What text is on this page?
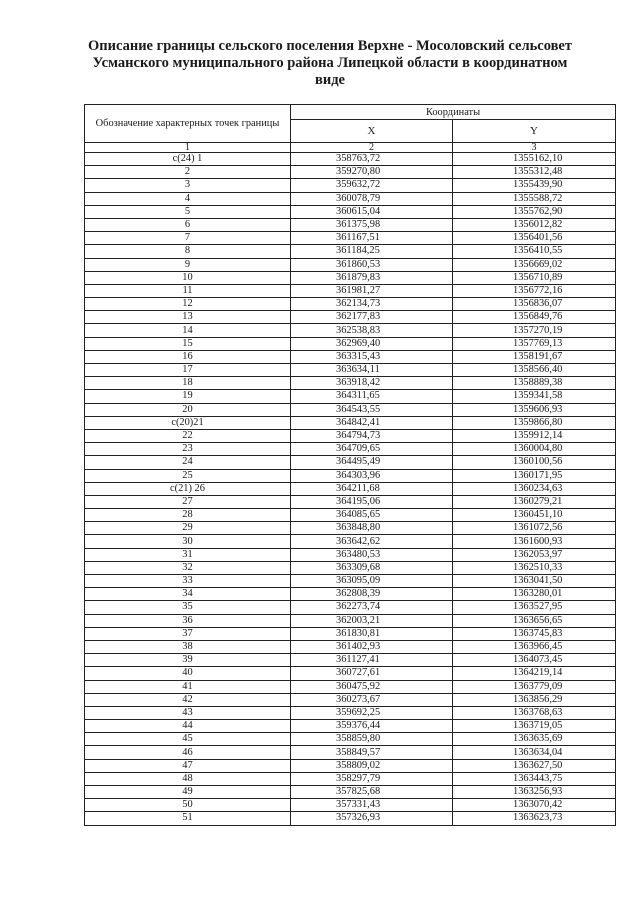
Описание границы сельского поселения Верхне - Мосоловский сельсовет
Усманского муниципального района Липецкой области в координатном
виде
Обозначение характерных точек границы	Координаты	
	X	Y
1	2	3
с(24) 1	358763,72	1355162,10
2	359270,80	1355312,48
3	359632,72	1355439,90
4	360078,79	1355588,72
5	360615,04	1355762,90
6	361375,98	1356012,82
7	361167,51	1356401,56
8	361184,25	1356410,55
9	361860,53	1356669,02
10	361879,83	1356710,89
11	361981,27	1356772,16
12	362134,73	1356836,07
13	362177,83	1356849,76
14	362538,83	1357270,19
15	362969,40	1357769,13
16	363315,43	1358191,67
17	363634,11	1358566,40
18	363918,42	1358889,38
19	364311,65	1359341,58
20	364543,55	1359606,93
с(20)21	364842,41	1359866,80
22	364794,73	1359912,14
23	364709,65	1360004,80
24	364495,49	1360100,56
25	364303,96	1360171,95
с(21) 26	364211,68	1360234,63
27	364195,06	1360279,21
28	364085,65	1360451,10
29	363848,80	1361072,56
30	363642,62	1361600,93
31	363480,53	1362053,97
32	363309,68	1362510,33
33	363095,09	1363041,50
34	362808,39	1363280,01
35	362273,74	1363527,95
36	362003,21	1363656,65
37	361830,81	1363745,83
38	361402,93	1363966,45
39	361127,41	1364073,45
40	360727,61	1364219,14
41	360475,92	1363779,09
42	360273,67	1363856,29
43	359692,25	1363768,63
44	359376,44	1363719,05
45	358859,80	1363635,69
46	358849,57	1363634,04
47	358809,02	1363627,50
48	358297,79	1363443,75
49	357825,68	1363256,93
50	357331,43	1363070,42
51	357326,93	1363623,73
